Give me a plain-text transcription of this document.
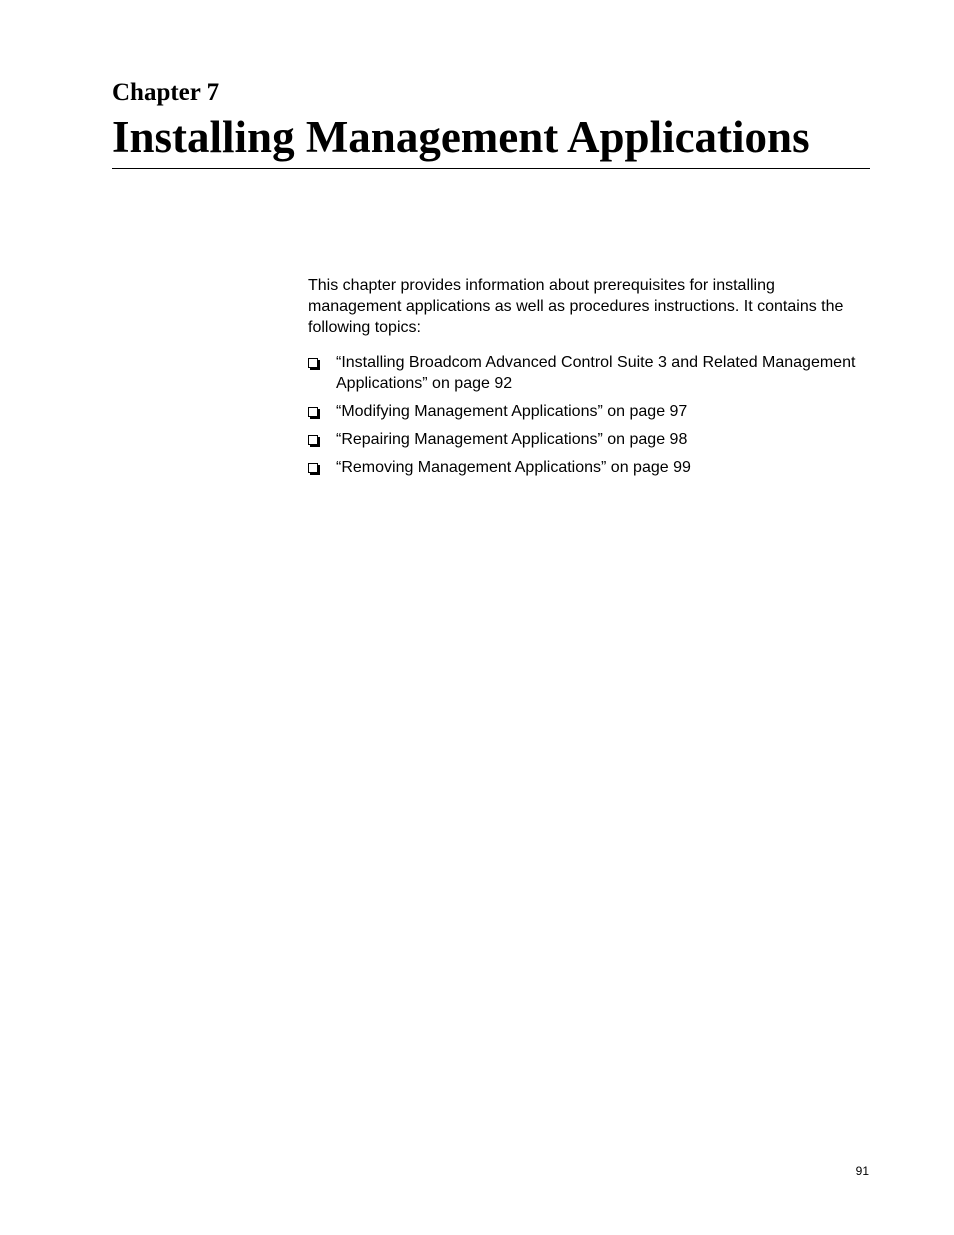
Chapter 7
Installing Management Applications

This chapter provides information about prerequisites for installing management applications as well as procedures instructions. It contains the following topics:

“Installing Broadcom Advanced Control Suite 3 and Related Management Applications” on page 92
“Modifying Management Applications” on page 97
“Repairing Management Applications” on page 98
“Removing Management Applications” on page 99
91
